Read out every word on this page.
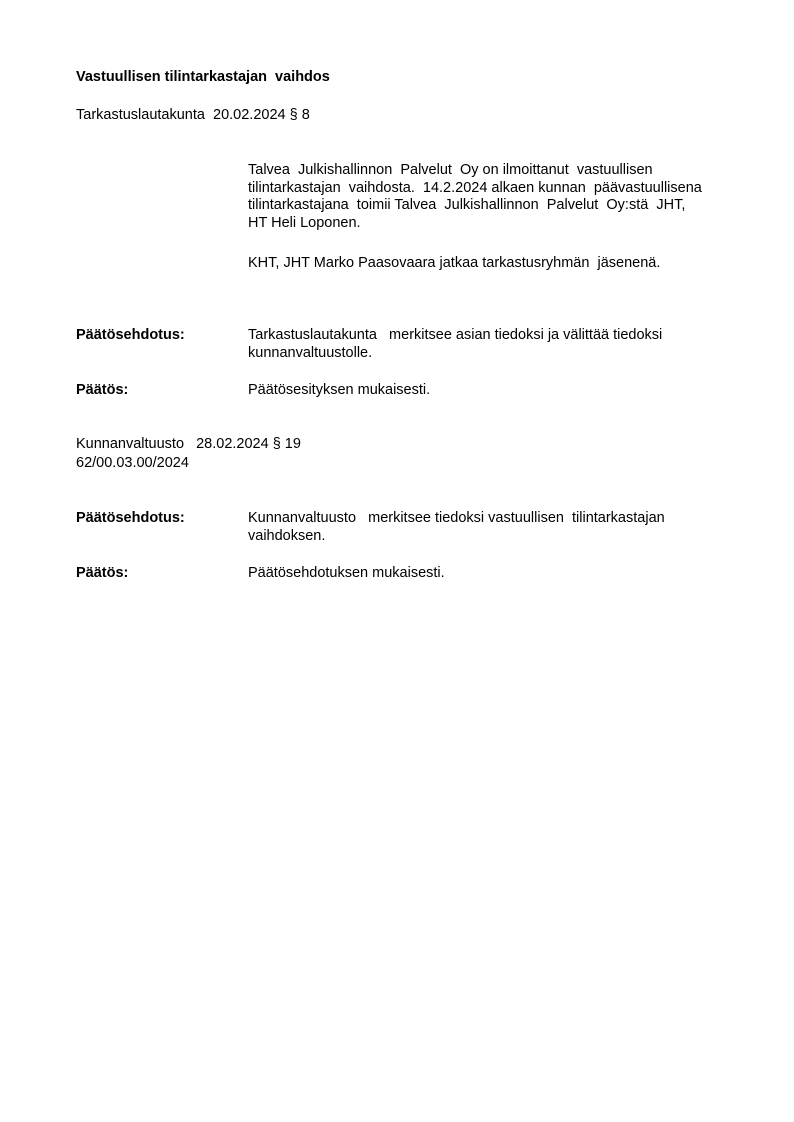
Vastuullisen tilintarkastajan  vaihdos
Tarkastuslautakunta  20.02.2024 § 8
Talvea  Julkishallinnon  Palvelut  Oy on ilmoittanut  vastuullisen
tilintarkastajan  vaihdosta.  14.2.2024 alkaen kunnan  päävastuullisena
tilintarkastajana  toimii Talvea  Julkishallinnon  Palvelut  Oy:stä  JHT,
HT Heli Loponen.
KHT, JHT Marko Paasovaara jatkaa tarkastusryhmän  jäsenenä.
Päätösehdotus:	Tarkastuslautakunta   merkitsee asian tiedoksi ja välittää tiedoksi
kunnanvaltuustolle.
Päätös:	Päätösesityksen mukaisesti.
Kunnanvaltuusto   28.02.2024 § 19
62/00.03.00/2024
Päätösehdotus:	Kunnanvaltuusto   merkitsee tiedoksi vastuullisen  tilintarkastajan
vaihdoksen.
Päätös:	Päätösehdotuksen mukaisesti.
